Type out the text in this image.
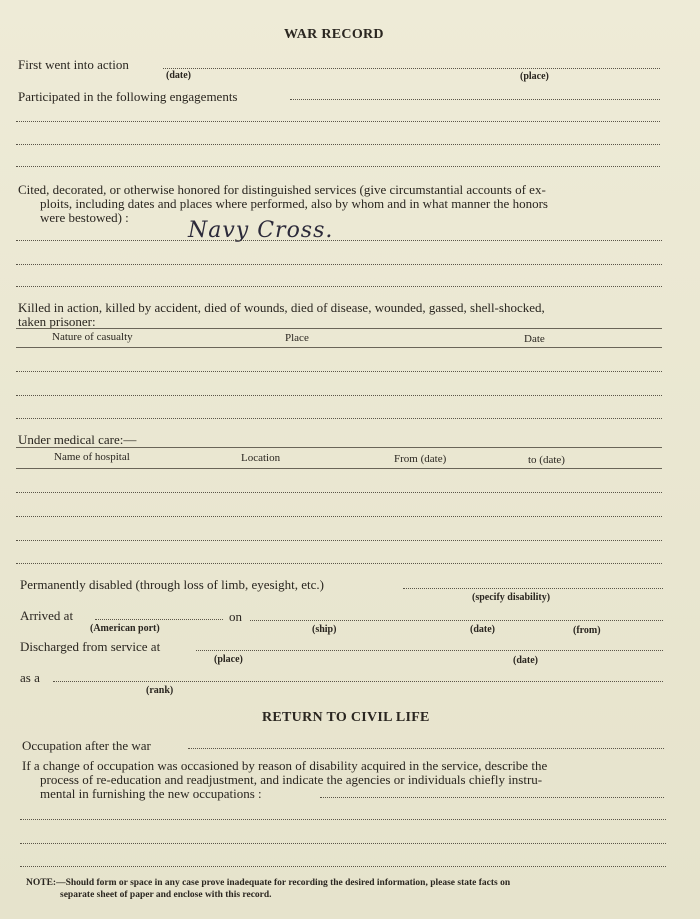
WAR RECORD
First went into action
(date)	(place)
Participated in the following engagements
Cited, decorated, or otherwise honored for distinguished services (give circumstantial accounts of ex-
ploits, including dates and places where performed, also by whom and in what manner the honors
were bestowed) :
Navy Cross.
Killed in action, killed by accident, died of wounds, died of disease, wounded, gassed, shell-shocked,
taken prisoner:
Nature of casualty	Place	Date
Under medical care:—
Name of hospital	Location	From (date)	to (date)
Permanently disabled (through loss of limb, eyesight, etc.)
(specify disability)
Arrived at	on
(American port)	(ship)	(date)	(from)
Discharged from service at
(place)	(date)
as a
(rank)
RETURN TO CIVIL LIFE
Occupation after the war
If a change of occupation was occasioned by reason of disability acquired in the service, describe the
process of re-education and readjustment, and indicate the agencies or individuals chiefly instru-
mental in furnishing the new occupations :
NOTE:—Should form or space in any case prove inadequate for recording the desired information, please state facts on
separate sheet of paper and enclose with this record.
